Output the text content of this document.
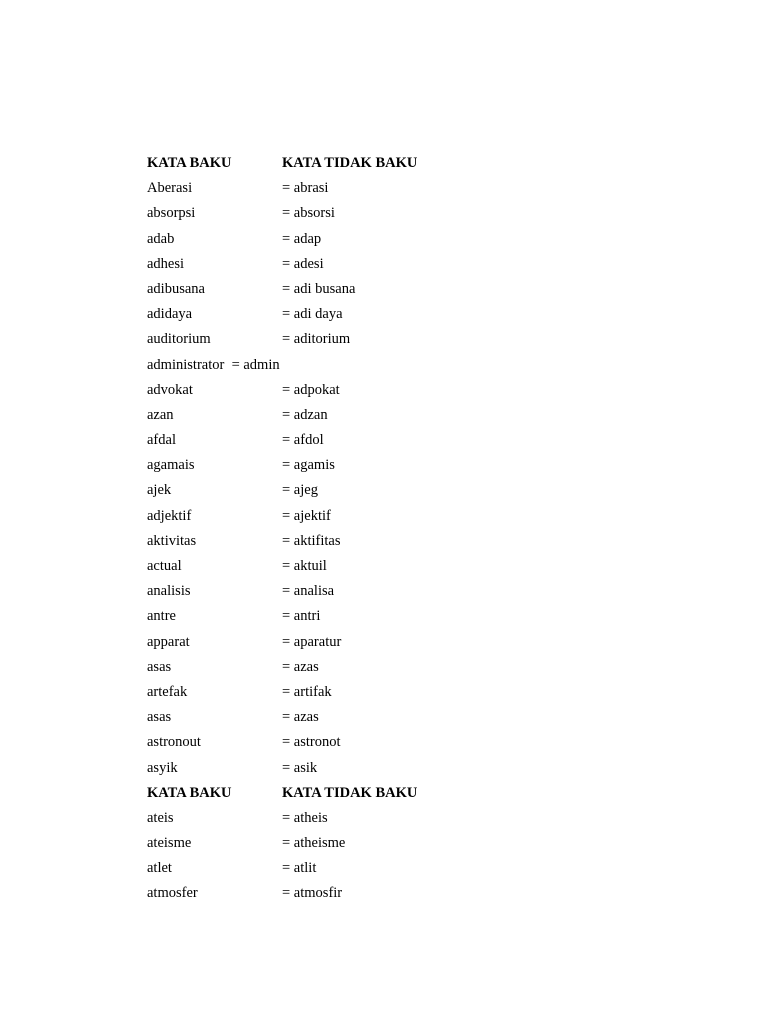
KATA BAKU	KATA TIDAK BAKU
Aberasi	= abrasi
absorpsi	= absorsi
adab	= adap
adhesi	= adesi
adibusana	= adi busana
adidaya	= adi daya
auditorium	= aditorium
administrator  = admin
advokat	= adpokat
azan	= adzan
afdal	= afdol
agamais	= agamis
ajek	= ajeg
adjektif	= ajektif
aktivitas	= aktifitas
actual	= aktuil
analisis	= analisa
antre	= antri
apparat	= aparatur
asas	= azas
artefak	= artifak
asas	= azas
astronout	= astronot
asyik	= asik
KATA BAKU	KATA TIDAK BAKU
ateis	= atheis
ateisme	= atheisme
atlet	= atlit
atmosfer	= atmosfir
